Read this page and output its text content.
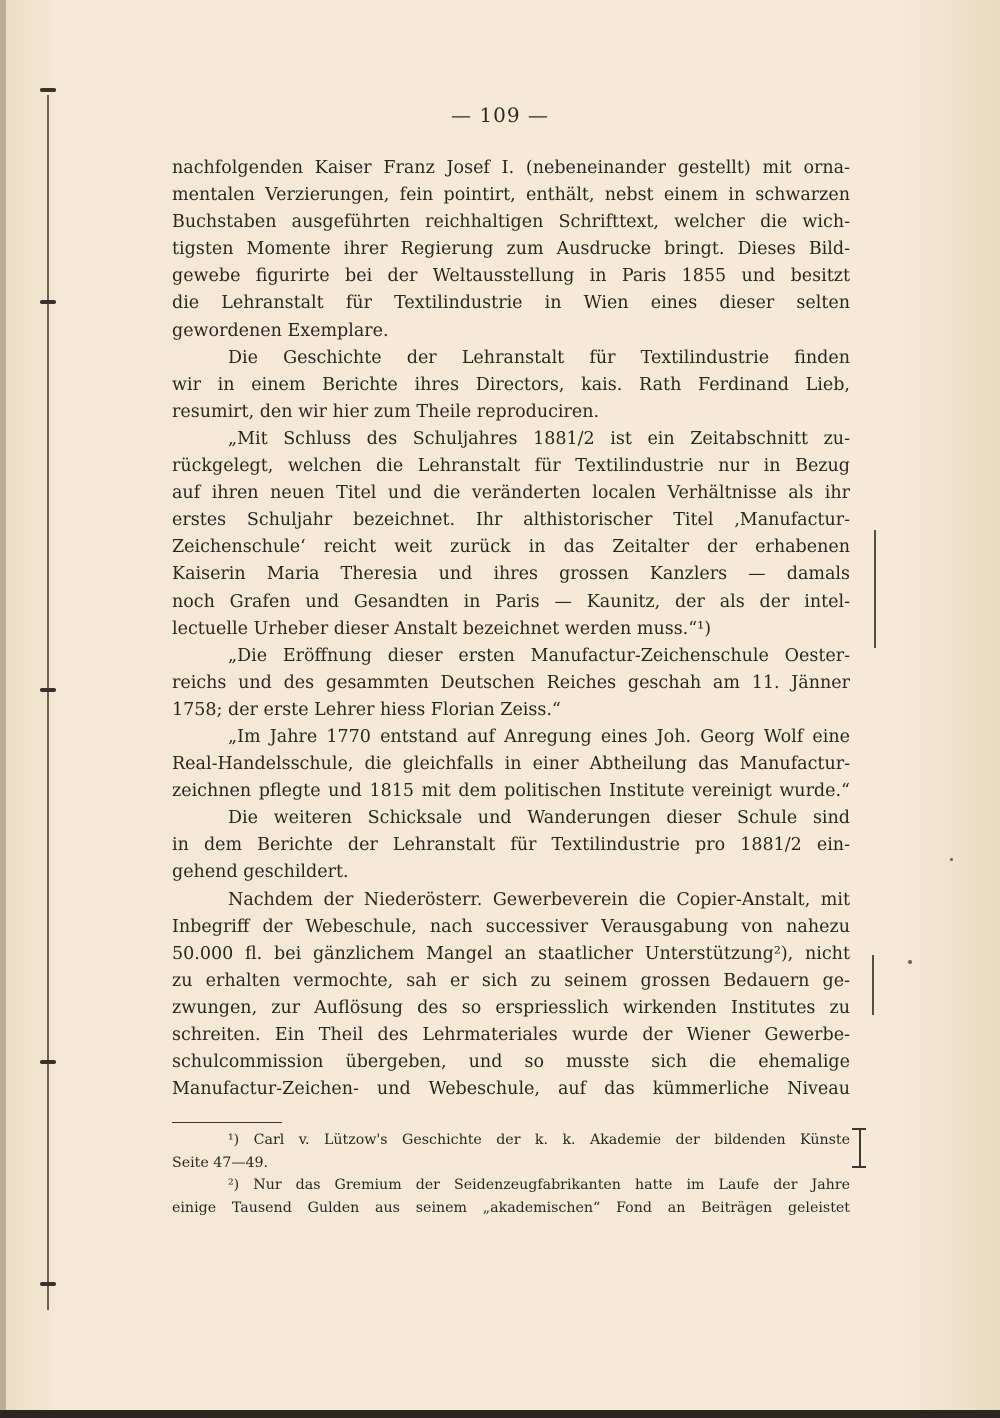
— 109 —
nachfolgenden Kaiser Franz Josef I. (nebeneinander gestellt) mit orna-
mentalen Verzierungen, fein pointirt, enthält, nebst einem in schwarzen
Buchstaben ausgeführten reichhaltigen Schrifttext, welcher die wich-
tigsten Momente ihrer Regierung zum Ausdrucke bringt. Dieses Bild-
gewebe figurirte bei der Weltausstellung in Paris 1855 und besitzt
die Lehranstalt für Textilindustrie in Wien eines dieser selten
gewordenen Exemplare.
Die Geschichte der Lehranstalt für Textilindustrie finden
wir in einem Berichte ihres Directors, kais. Rath Ferdinand Lieb,
resumirt, den wir hier zum Theile reproduciren.
„Mit Schluss des Schuljahres 1881/2 ist ein Zeitabschnitt zu-
rückgelegt, welchen die Lehranstalt für Textilindustrie nur in Bezug
auf ihren neuen Titel und die veränderten localen Verhältnisse als ihr
erstes Schuljahr bezeichnet. Ihr althistorischer Titel ‚Manufactur-
Zeichenschule‘ reicht weit zurück in das Zeitalter der erhabenen
Kaiserin Maria Theresia und ihres grossen Kanzlers — damals
noch Grafen und Gesandten in Paris — Kaunitz, der als der intel-
lectuelle Urheber dieser Anstalt bezeichnet werden muss.“¹)
„Die Eröffnung dieser ersten Manufactur-Zeichenschule Oester-
reichs und des gesammten Deutschen Reiches geschah am 11. Jänner
1758; der erste Lehrer hiess Florian Zeiss.“
„Im Jahre 1770 entstand auf Anregung eines Joh. Georg Wolf eine
Real-Handelsschule, die gleichfalls in einer Abtheilung das Manufactur-
zeichnen pflegte und 1815 mit dem politischen Institute vereinigt wurde.“
Die weiteren Schicksale und Wanderungen dieser Schule sind
in dem Berichte der Lehranstalt für Textilindustrie pro 1881/2 ein-
gehend geschildert.
Nachdem der Niederösterr. Gewerbeverein die Copier-Anstalt, mit
Inbegriff der Webeschule, nach successiver Verausgabung von nahezu
50.000 fl. bei gänzlichem Mangel an staatlicher Unterstützung²), nicht
zu erhalten vermochte, sah er sich zu seinem grossen Bedauern ge-
zwungen, zur Auflösung des so erspriesslich wirkenden Institutes zu
schreiten. Ein Theil des Lehrmateriales wurde der Wiener Gewerbe-
schulcommission übergeben, und so musste sich die ehemalige
Manufactur-Zeichen- und Webeschule, auf das kümmerliche Niveau
¹) Carl v. Lützow's Geschichte der k. k. Akademie der bildenden Künste
Seite 47—49.
²) Nur das Gremium der Seidenzeugfabrikanten hatte im Laufe der Jahre
einige Tausend Gulden aus seinem „akademischen“ Fond an Beiträgen geleistet
